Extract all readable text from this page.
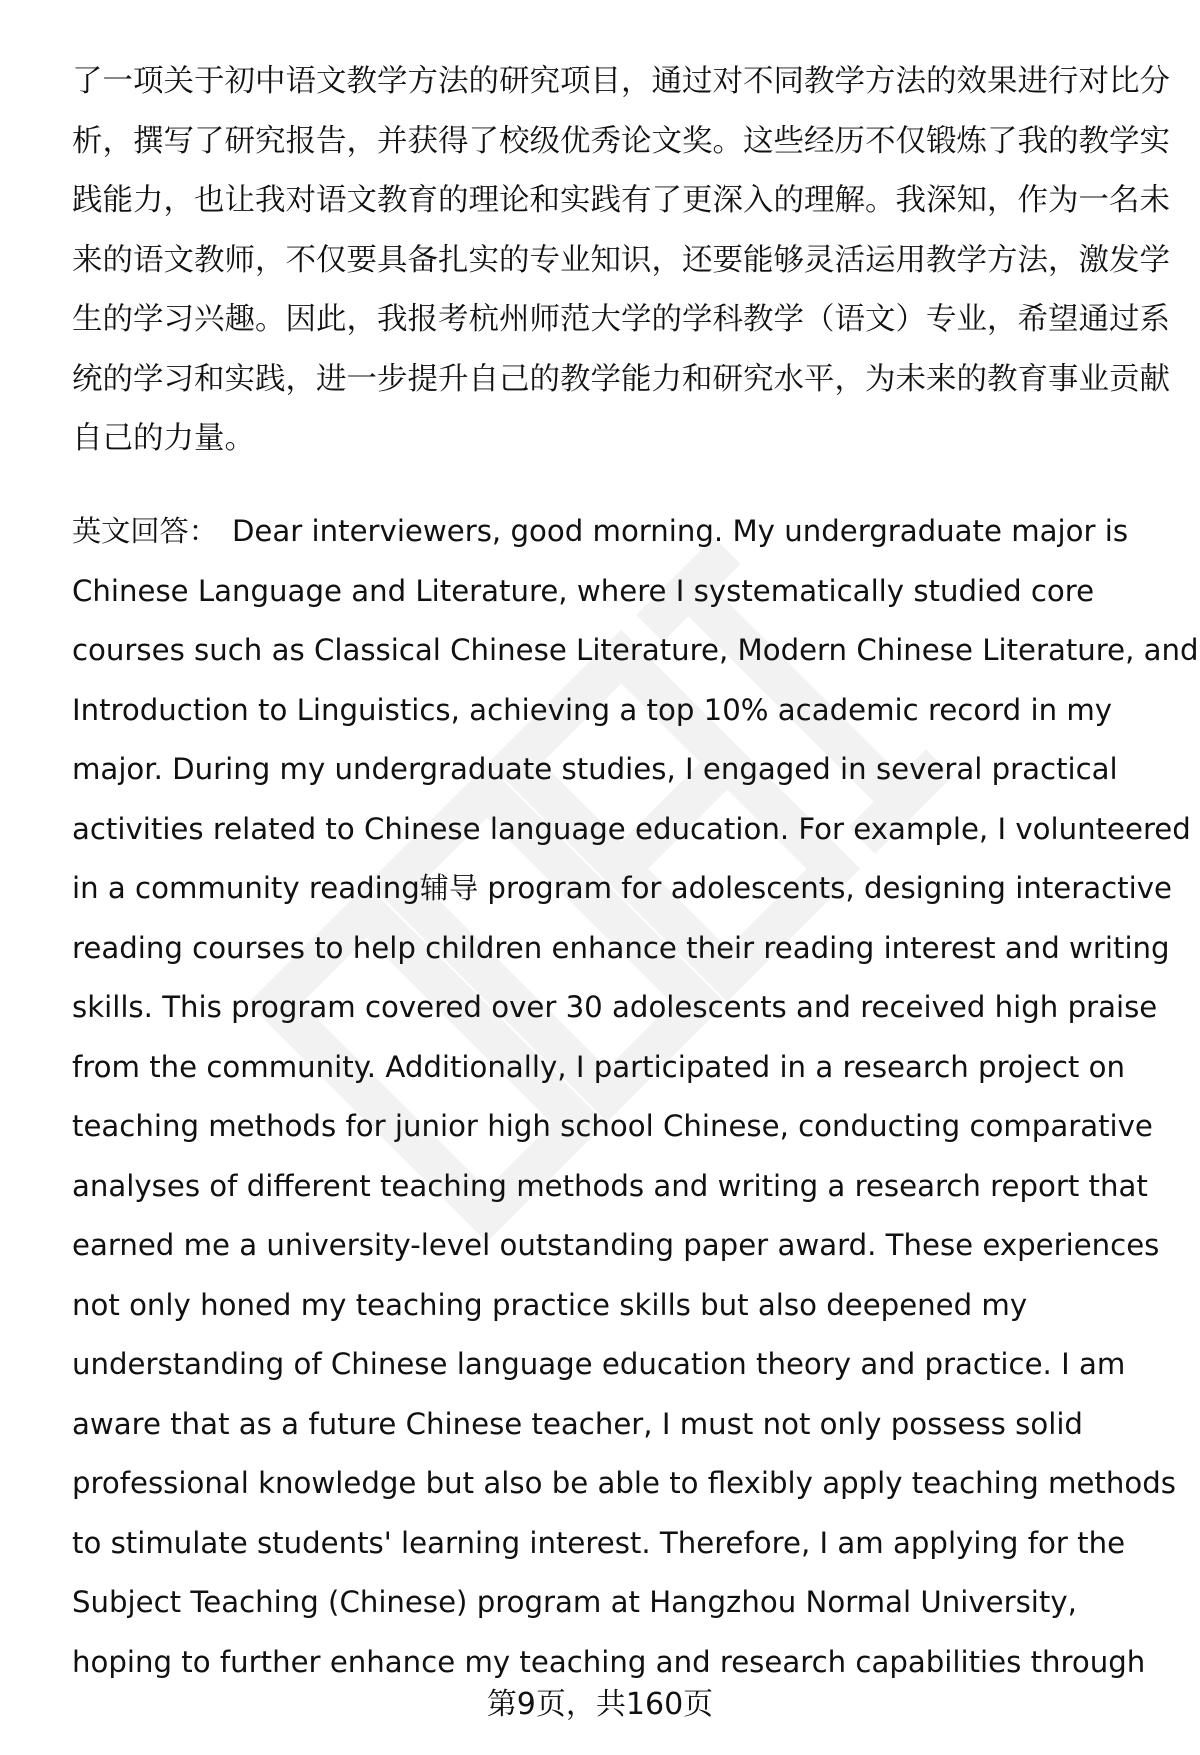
了一项关于初中语文教学方法的研究项目，通过对不同教学方法的效果进行对比分
析，撰写了研究报告，并获得了校级优秀论文奖。这些经历不仅锻炼了我的教学实
践能力，也让我对语文教育的理论和实践有了更深入的理解。我深知，作为一名未
来的语文教师，不仅要具备扎实的专业知识，还要能够灵活运用教学方法，激发学
生的学习兴趣。因此，我报考杭州师范大学的学科教学（语文）专业，希望通过系
统的学习和实践，进一步提升自己的教学能力和研究水平，为未来的教育事业贡献
自己的力量。
英文回答： Dear interviewers, good morning. My undergraduate major is
Chinese Language and Literature, where I systematically studied core
courses such as Classical Chinese Literature, Modern Chinese Literature, and
Introduction to Linguistics, achieving a top 10% academic record in my
major. During my undergraduate studies, I engaged in several practical
activities related to Chinese language education. For example, I volunteered
in a community reading辅导 program for adolescents, designing interactive
reading courses to help children enhance their reading interest and writing
skills. This program covered over 30 adolescents and received high praise
from the community. Additionally, I participated in a research project on
teaching methods for junior high school Chinese, conducting comparative
analyses of different teaching methods and writing a research report that
earned me a university-level outstanding paper award. These experiences
not only honed my teaching practice skills but also deepened my
understanding of Chinese language education theory and practice. I am
aware that as a future Chinese teacher, I must not only possess solid
professional knowledge but also be able to flexibly apply teaching methods
to stimulate students' learning interest. Therefore, I am applying for the
Subject Teaching (Chinese) program at Hangzhou Normal University,
hoping to further enhance my teaching and research capabilities through
第9页，共160页
